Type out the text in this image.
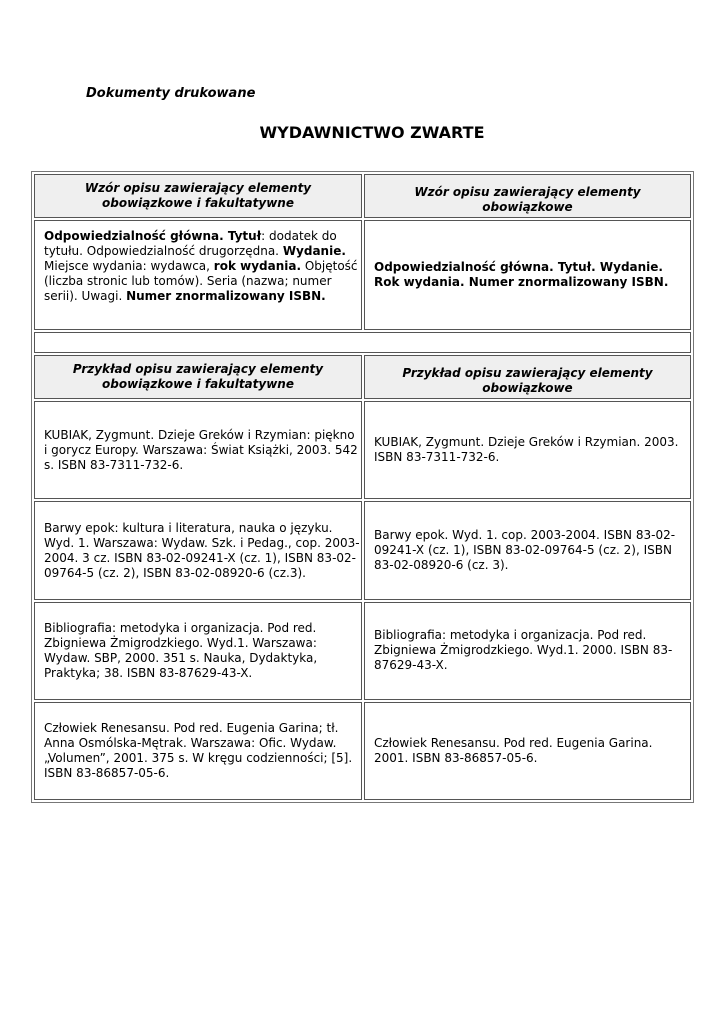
Dokumenty drukowane
WYDAWNICTWO ZWARTE
Wzór opisu zawierający elementy obowiązkowe i fakultatywne	Wzór opisu zawierający elementy obowiązkowe
Odpowiedzialność główna. Tytuł: dodatek do tytułu. Odpowiedzialność drugorzędna. Wydanie. Miejsce wydania: wydawca, rok wydania. Objętość (liczba stronic lub tomów). Seria (nazwa; numer serii). Uwagi. Numer znormalizowany ISBN.	Odpowiedzialność główna. Tytuł. Wydanie. Rok wydania. Numer znormalizowany ISBN.

Przykład opisu zawierający elementy obowiązkowe i fakultatywne	Przykład opisu zawierający elementy obowiązkowe
KUBIAK, Zygmunt. Dzieje Greków i Rzymian: piękno i gorycz Europy. Warszawa: Świat Książki, 2003. 542 s. ISBN 83-7311-732-6.	KUBIAK, Zygmunt. Dzieje Greków i Rzymian. 2003. ISBN 83-7311-732-6.
Barwy epok: kultura i literatura, nauka o języku. Wyd. 1. Warszawa: Wydaw. Szk. i Pedag., cop. 2003-2004. 3 cz. ISBN 83-02-09241-X (cz. 1), ISBN 83-02-09764-5 (cz. 2), ISBN 83-02-08920-6 (cz.3).	Barwy epok. Wyd. 1. cop. 2003-2004. ISBN 83-02-09241-X (cz. 1), ISBN 83-02-09764-5 (cz. 2), ISBN 83-02-08920-6 (cz. 3).
Bibliografia: metodyka i organizacja. Pod red. Zbigniewa Żmigrodzkiego. Wyd.1. Warszawa: Wydaw. SBP, 2000. 351 s. Nauka, Dydaktyka, Praktyka; 38. ISBN 83-87629-43-X.	Bibliografia: metodyka i organizacja. Pod red. Zbigniewa Żmigrodzkiego. Wyd.1. 2000. ISBN 83-87629-43-X.
Człowiek Renesansu. Pod red. Eugenia Garina; tł. Anna Osmólska-Mętrak. Warszawa: Ofic. Wydaw. „Volumen”, 2001. 375 s. W kręgu codzienności; [5]. ISBN 83-86857-05-6.	Człowiek Renesansu. Pod red. Eugenia Garina. 2001. ISBN 83-86857-05-6.
